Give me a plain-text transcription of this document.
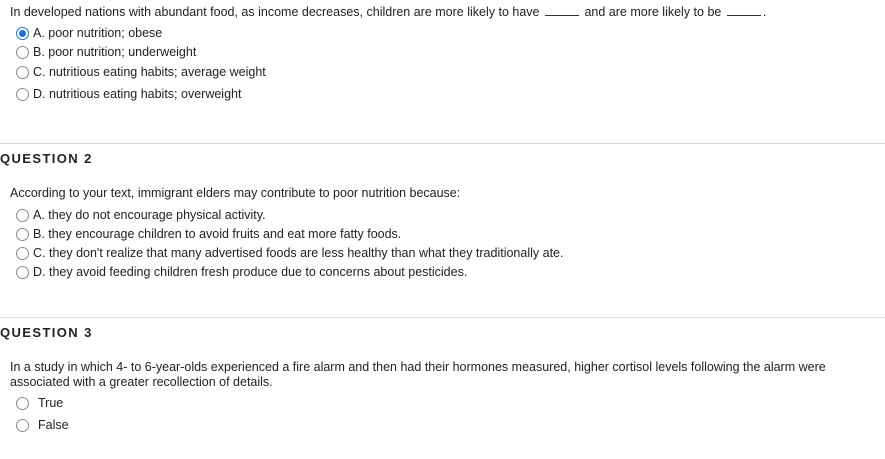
In developed nations with abundant food, as income decreases, children are more likely to have	and are more likely to be	.
A. poor nutrition; obese
B. poor nutrition; underweight
C. nutritious eating habits; average weight
D. nutritious eating habits; overweight
QUESTION 2
According to your text, immigrant elders may contribute to poor nutrition because:
A. they do not encourage physical activity.
B. they encourage children to avoid fruits and eat more fatty foods.
C. they don't realize that many advertised foods are less healthy than what they traditionally ate.
D. they avoid feeding children fresh produce due to concerns about pesticides.
QUESTION 3
In a study in which 4- to 6-year-olds experienced a fire alarm and then had their hormones measured, higher cortisol levels following the alarm were associated with a greater recollection of details.
True
False
